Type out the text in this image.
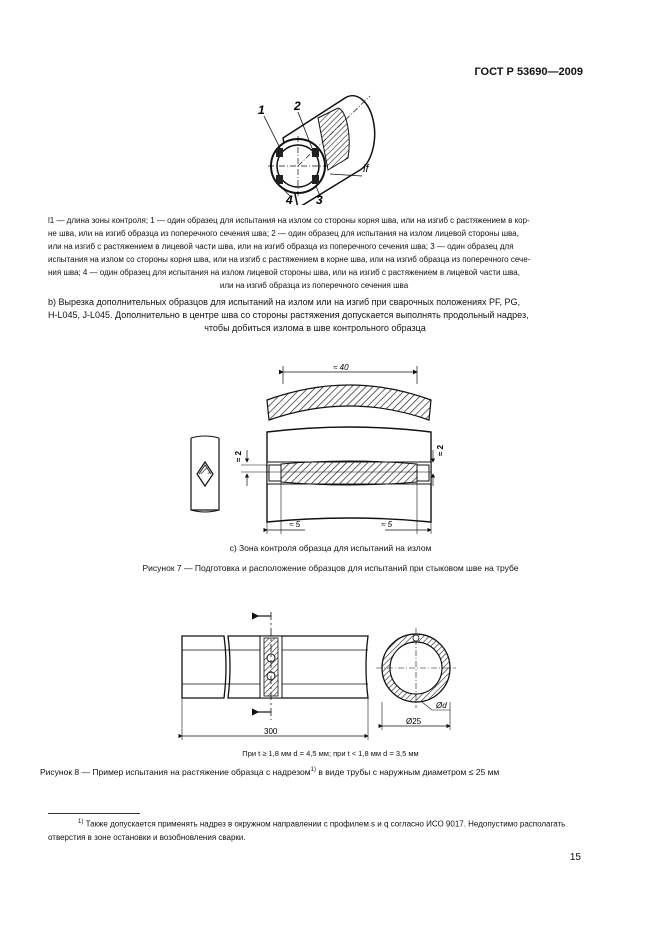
ГОСТ Р 53690—2009
1 2
3
4
lf
l1 — длина зоны контроля; 1 — один образец для испытания на излом со стороны корня шва, или на изгиб с растяжением в кор-
не шва, или на изгиб образца из поперечного сечения шва; 2 — один образец для испытания на излом лицевой стороны шва,
или на изгиб с растяжением в лицевой части шва, или на изгиб образца из поперечного сечения шва; 3 — один образец для
испытания на излом со стороны корня шва, или на изгиб с растяжением в корне шва, или на изгиб образца из поперечного сече-
ния шва; 4 — один образец для испытания на излом лицевой стороны шва, или на изгиб с растяжением в лицевой части шва,
или на изгиб образца из поперечного сечения шва
b) Вырезка дополнительных образцов для испытаний на излом или на изгиб при сварочных положениях PF, PG,
H-L045, J-L045. Дополнительно в центре шва со стороны растяжения допускается выполнять продольный надрез,
чтобы добиться излома в шве контрольного образца
≈ 40
≈ 2
≈ 2
≈ 5	≈ 5
с) Зона контроля образца для испытаний на излом
Рисунок 7 — Подготовка и расположение образцов для испытаний при стыковом шве на трубе
300
Ød
Ø25
При t ≥ 1,8 мм d = 4,5 мм; при t < 1,8 мм d = 3,5 мм
Рисунок 8 — Пример испытания на растяжение образца с надрезом$^{1)}$ в виде трубы с наружным диаметром ≤ 25 мм
$^{1)}$ Также допускается применять надрез в окружном направлении с профилем s и q согласно ИСО 9017. Недопустимо располагать отверстия в зоне остановки и возобновления сварки.
15
